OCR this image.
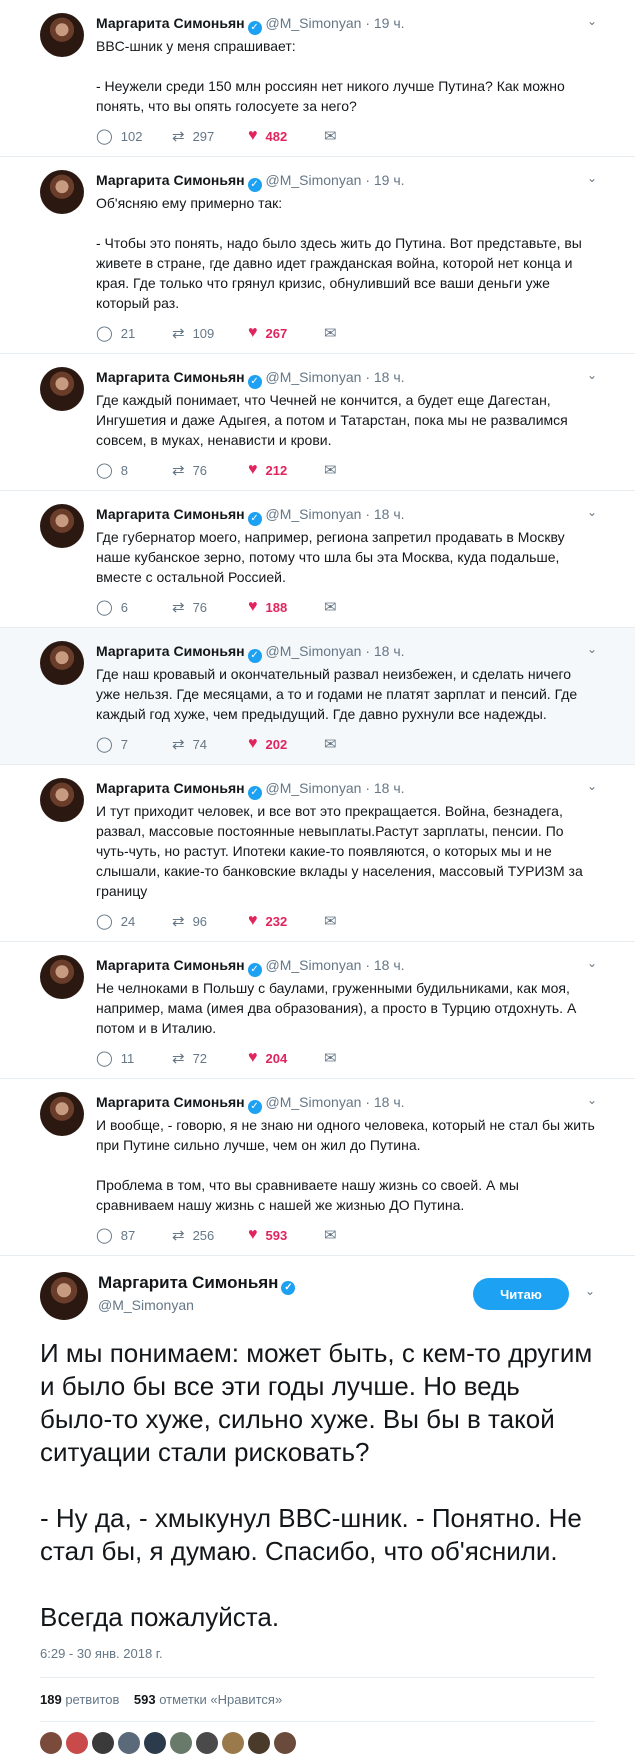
Маргарита Симоньян ✓ @M_Simonyan · 19 ч.	⌄
BBC-шник у меня спрашивает:

- Неужели среди 150 млн россиян нет никого лучше Путина? Как можно понять, что вы опять голосуете за него?
◯ 102 ⇄ 297 ♥ 482 ✉
Маргарита Симоньян ✓ @M_Simonyan · 19 ч.	⌄
Об'ясняю ему примерно так:

- Чтобы это понять, надо было здесь жить до Путина. Вот представьте, вы живете в стране, где давно идет гражданская война, которой нет конца и края. Где только что грянул кризис, обнуливший все ваши деньги уже который раз.
◯ 21 ⇄ 109 ♥ 267 ✉
Маргарита Симоньян ✓ @M_Simonyan · 18 ч.	⌄
Где каждый понимает, что Чечней не кончится, а будет еще Дагестан, Ингушетия и даже Адыгея, а потом и Татарстан, пока мы не развалимся совсем, в муках, ненависти и крови.
◯ 8	⇄ 76	♥ 212 ✉
Маргарита Симоньян ✓ @M_Simonyan · 18 ч.	⌄
Где губернатор моего, например, региона запретил продавать в Москву наше кубанское зерно, потому что шла бы эта Москва, куда подальше, вместе с остальной Россией.
◯ 6	⇄ 76	♥ 188 ✉
Маргарита Симоньян ✓ @M_Simonyan · 18 ч.	⌄
Где наш кровавый и окончательный развал неизбежен, и сделать ничего уже нельзя. Где месяцами, а то и годами не платят зарплат и пенсий. Где каждый год хуже, чем предыдущий. Где давно рухнули все надежды.
◯ 7	⇄ 74	♥ 202 ✉
Маргарита Симоньян ✓ @M_Simonyan · 18 ч.	⌄
И тут приходит человек, и все вот это прекращается. Война, безнадега, развал, массовые постоянные невыплаты.Растут зарплаты, пенсии. По чуть-чуть, но растут. Ипотеки какие-то появляются, о которых мы и не слышали, какие-то банковские вклады у населения, массовый ТУРИЗМ за границу
◯ 24 ⇄ 96	♥ 232 ✉
Маргарита Симоньян ✓ @M_Simonyan · 18 ч.	⌄
Не челноками в Польшу с баулами, груженными будильниками, как моя, например, мама (имея два образования), а просто в Турцию отдохнуть. А потом и в Италию.
◯ 11	⇄ 72	♥ 204 ✉
Маргарита Симоньян ✓ @M_Simonyan · 18 ч.	⌄
И вообще, - говорю, я не знаю ни одного человека, который не стал бы жить при Путине сильно лучше, чем он жил до Путина.

Проблема в том, что вы сравниваете нашу жизнь со своей. А мы сравниваем нашу жизнь с нашей же жизнью ДО Путина.
◯ 87 ⇄ 256 ♥ 593 ✉
Маргарита Симоньян ✓
@M_Simonyan
Читаю	⌄
И мы понимаем: может быть, с кем-то другим и было бы все эти годы лучше. Но ведь было-то хуже, сильно хуже. Вы бы в такой ситуации стали рисковать?

- Ну да, - хмыкунул BBC-шник. - Понятно. Не стал бы, я думаю. Спасибо, что об'яснили.

Всегда пожалуйста.
6:29 - 30 янв. 2018 г.
189 ретвитов 593 отметки «Нравится»
